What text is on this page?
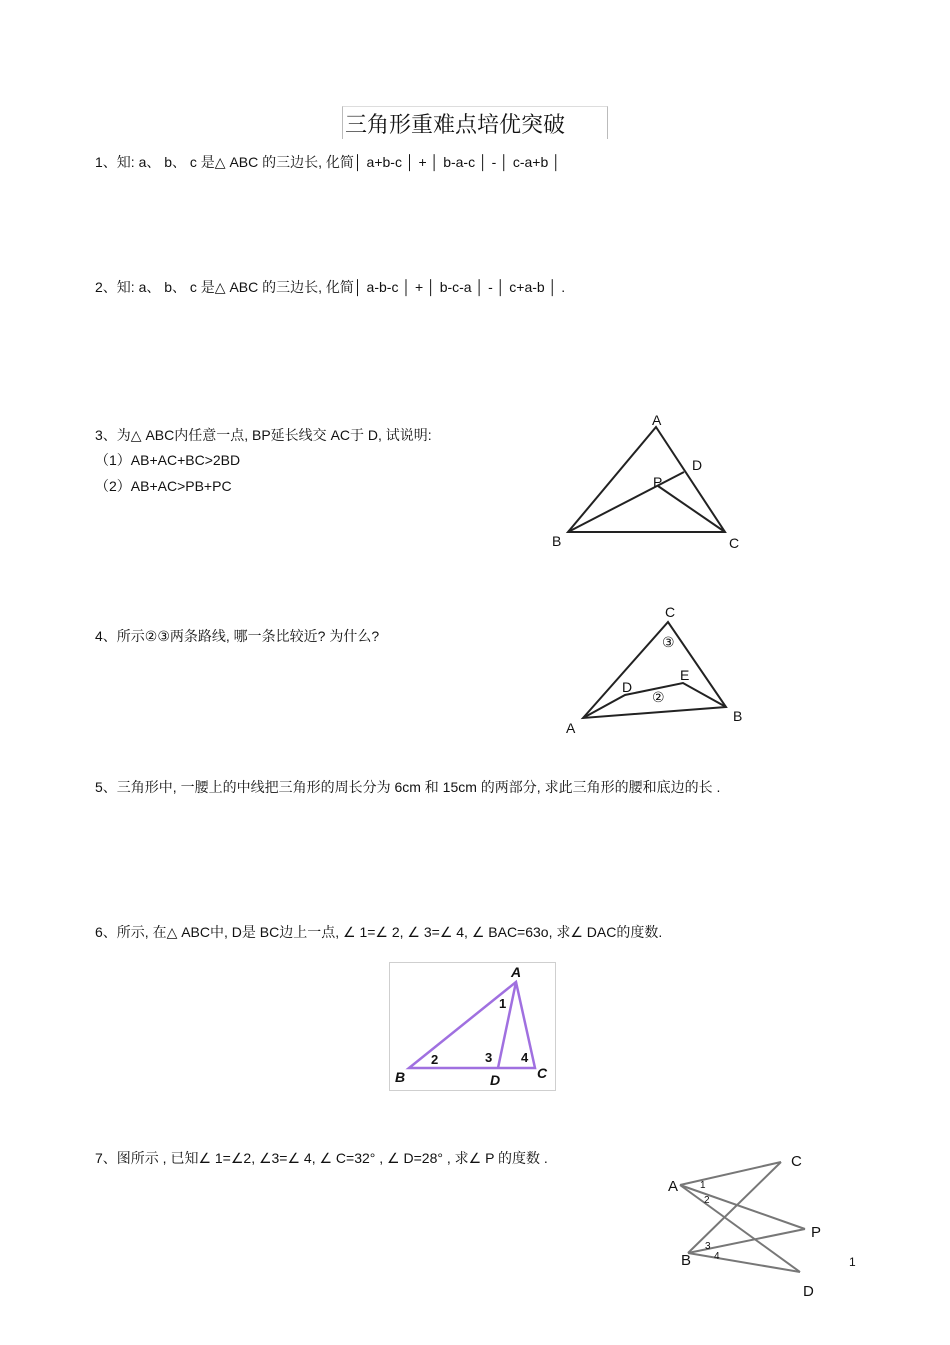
三角形重难点培优突破
1、知: a、 b、 c 是△ ABC 的三边长, 化简│ a+b-c │ + │ b-a-c │ - │ c-a+b │
2、知: a、 b、 c 是△ ABC 的三边长, 化简│ a-b-c │ + │ b-c-a │ - │ c+a-b │ .
3、为△ ABC内任意一点, BP延长线交 AC于 D, 试说明:
（1）AB+AC+BC>2BD
（2）AB+AC>PB+PC
4、所示②③两条路线, 哪一条比较近? 为什么?
5、三角形中, 一腰上的中线把三角形的周长分为 6cm 和 15cm 的两部分, 求此三角形的腰和底边的长 .
6、所示, 在△ ABC中, D是 BC边上一点, ∠ 1=∠ 2, ∠ 3=∠ 4, ∠ BAC=63o, 求∠ DAC的度数.
7、图所示 , 已知∠ 1=∠2, ∠3=∠ 4, ∠ C=32° , ∠ D=28° , 求∠ P 的度数 .
A
B	C
D
P
C
A
B
D
E
③
②
A
B	C
D
1
2	3 4
A
C
P
B
D
1
2
3
4	1
